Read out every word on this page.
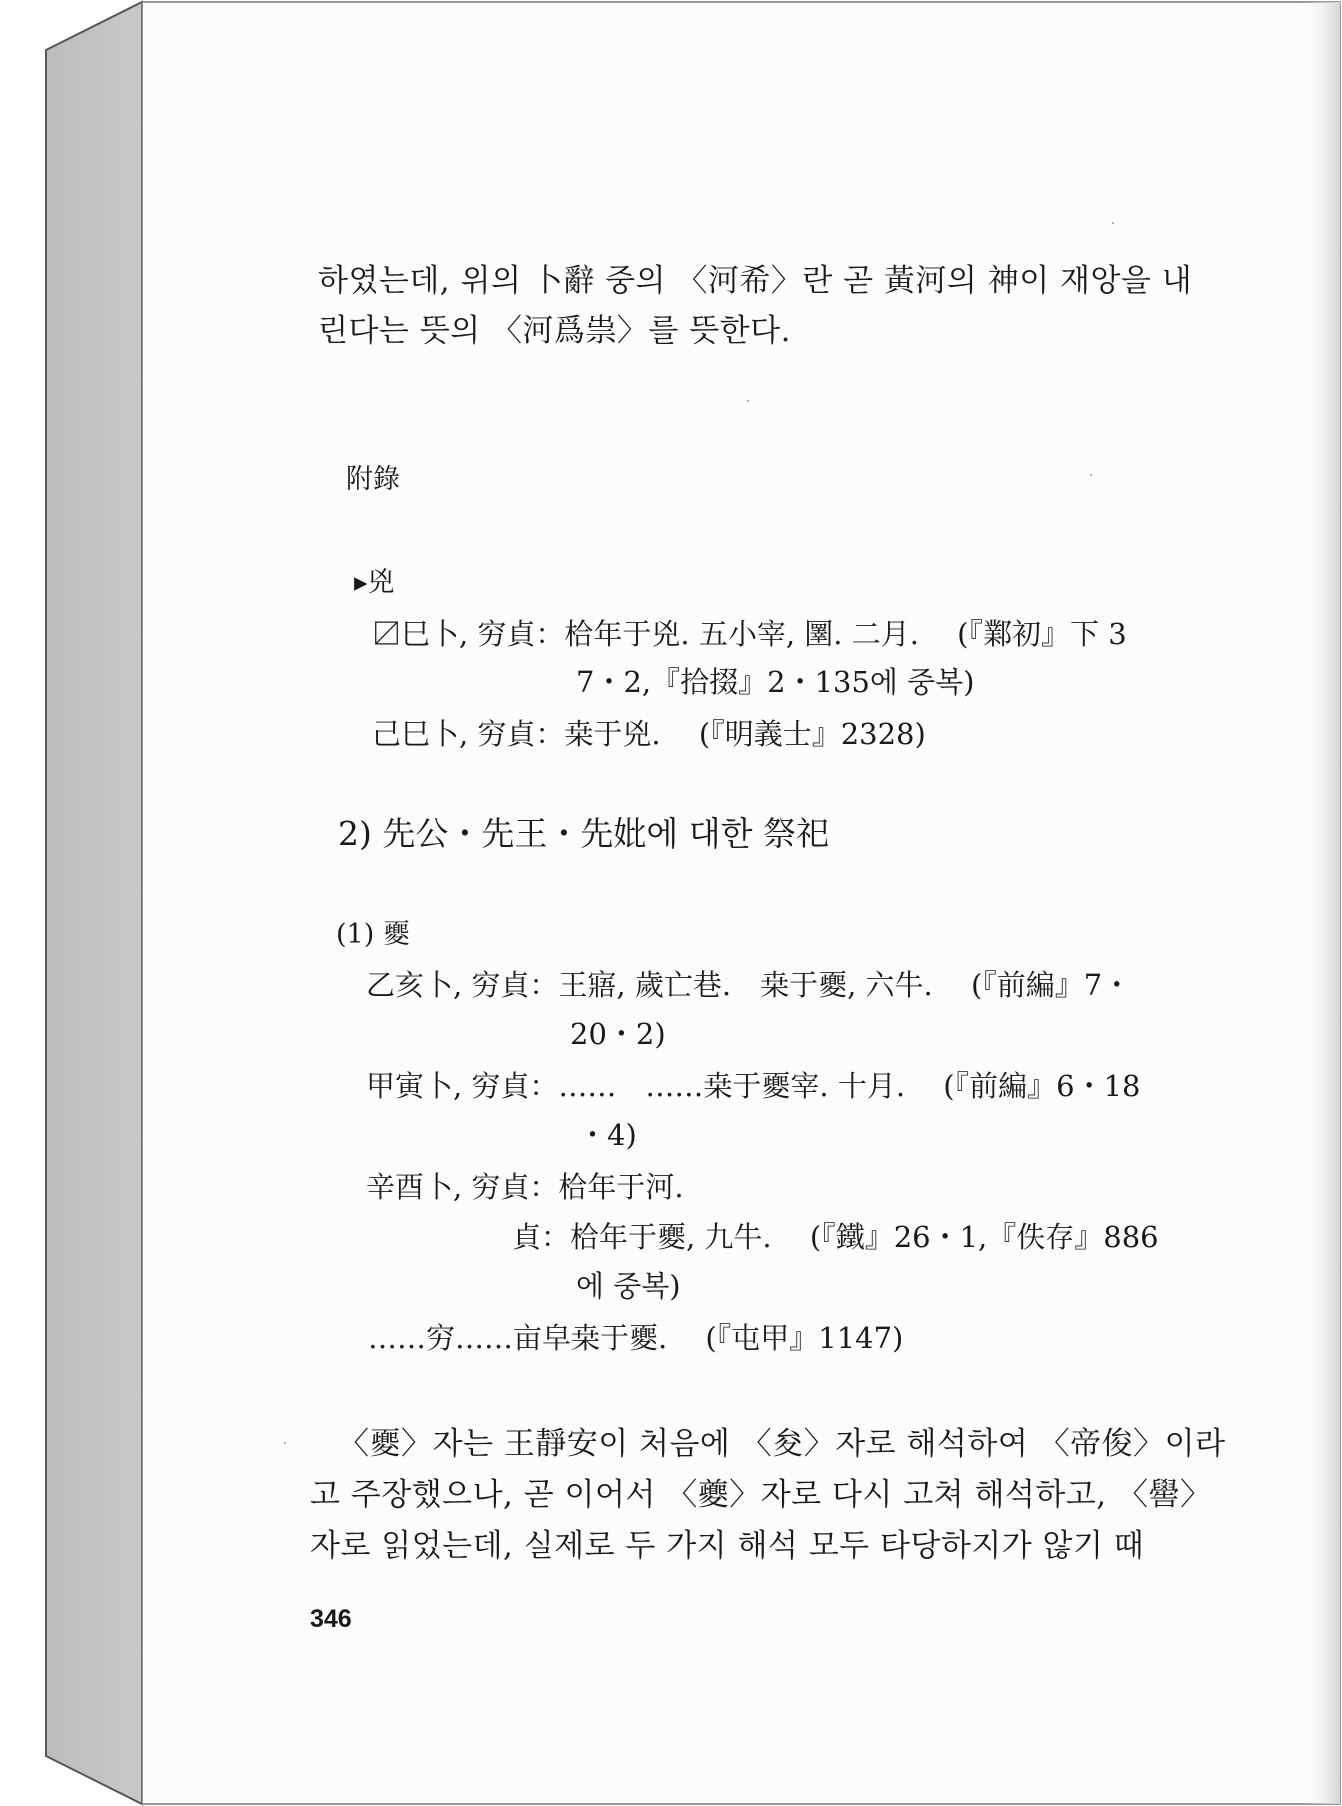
하였는데, 위의 卜辭 중의 〈河希〉란 곧 黃河의 神이 재앙을 내
린다는 뜻의 〈河爲祟〉를 뜻한다.
附錄
▸兇
〼巳卜, 穷貞：㭘年于兇. 五小宰, 圛. 二月.　 (『鄴初』下 3
7・2,『拾掇』2・135에 중복)
己巳卜, 穷貞：桒于兇.　 (『明義士』2328)
2) 先公・先王・先妣에 대한 祭祀
(1) 夒
乙亥卜, 穷貞：王寤, 歲亡巷.　桒于夒, 六牛.　 (『前編』7・
20・2)
甲寅卜, 穷貞：……　……桒于夒宰. 十月.　 (『前編』6・18
・4)
辛酉卜, 穷貞：㭘年于河.
貞：㭘年于夒, 九牛.　 (『鐵』26・1,『佚存』886
에 중복)
……穷……亩皁桒于夒.　 (『屯甲』1147)
〈夒〉자는 王靜安이 처음에 〈夋〉자로 해석하여 〈帝俊〉이라
고 주장했으나, 곧 이어서 〈夔〉자로 다시 고쳐 해석하고, 〈嚳〉
자로 읽었는데, 실제로 두 가지 해석 모두 타당하지가 않기 때
346
